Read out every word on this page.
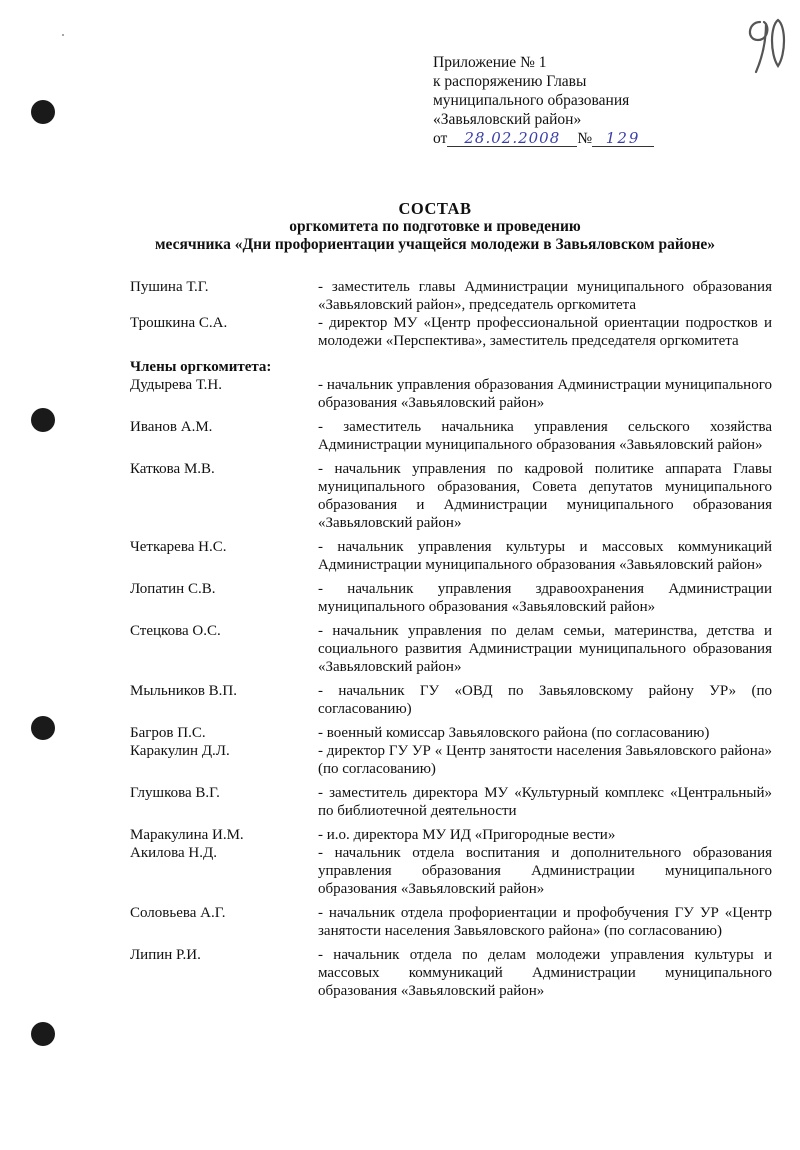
Приложение № 1
к распоряжению Главы
муниципального образования
«Завьяловский район»
от 28.02.2008 № 129
СОСТАВ
оргкомитета по подготовке и проведению
месячника «Дни профориентации учащейся молодежи в Завьяловском районе»
Пушина Т.Г.	- заместитель главы Администрации муниципального образования «Завьяловский район», председатель оргкомитета
Трошкина С.А.	- директор МУ «Центр профессиональной ориентации подростков и молодежи «Перспектива», заместитель председателя оргкомитета
Члены оргкомитета:
Дудырева Т.Н.	- начальник управления образования Администрации муниципального образования «Завьяловский район»
Иванов А.М.	- заместитель начальника управления сельского хозяйства Администрации муниципального образования «Завьяловский район»
Каткова М.В.	- начальник управления по кадровой политике аппарата Главы муниципального образования, Совета депутатов муниципального образования и Администрации муниципального образования «Завьяловский район»
Четкарева Н.С.	- начальник управления культуры и массовых коммуникаций Администрации муниципального образования «Завьяловский район»
Лопатин С.В.	- начальник управления здравоохранения Администрации муниципального образования «Завьяловский район»
Стецкова О.С.	- начальник управления по делам семьи, материнства, детства и социального развития Администрации муниципального образования «Завьяловский район»
Мыльников В.П.	- начальник ГУ «ОВД по Завьяловскому району УР» (по согласованию)
Багров П.С.	- военный комиссар Завьяловского района (по согласованию)
Каракулин Д.Л.	- директор ГУ УР « Центр занятости населения Завьяловского района» (по согласованию)
Глушкова В.Г.	- заместитель директора МУ «Культурный комплекс «Центральный» по библиотечной деятельности
Маракулина И.М.	- и.о. директора МУ ИД «Пригородные вести»
Акилова Н.Д.	- начальник отдела воспитания и дополнительного образования управления образования Администрации муниципального образования «Завьяловский район»
Соловьева А.Г.	- начальник отдела профориентации и профобучения ГУ УР «Центр занятости населения Завьяловского района» (по согласованию)
Липин Р.И.	- начальник отдела по делам молодежи управления культуры и массовых коммуникаций Администрации муниципального образования «Завьяловский район»
